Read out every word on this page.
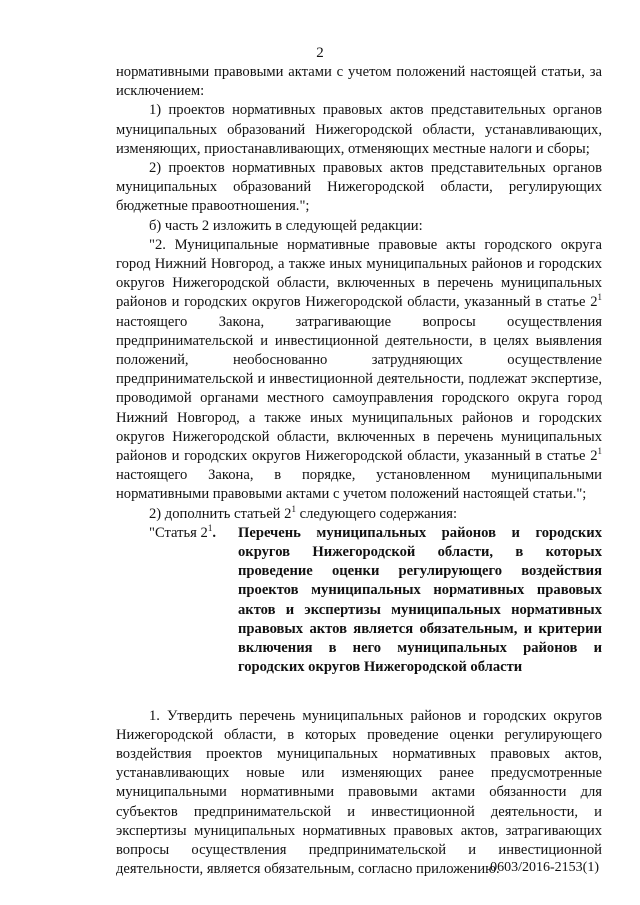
2

нормативными правовыми актами с учетом положений настоящей статьи, за исключением:

1) проектов нормативных правовых актов представительных органов муниципальных образований Нижегородской области, устанавливающих, изменяющих, приостанавливающих, отменяющих местные налоги и сборы;

2) проектов нормативных правовых актов представительных органов муниципальных образований Нижегородской области, регулирующих бюджетные правоотношения.";

б) часть 2 изложить в следующей редакции:

"2. Муниципальные нормативные правовые акты городского округа город Нижний Новгород, а также иных муниципальных районов и городских округов Нижегородской области, включенных в перечень муниципальных районов и городских округов Нижегородской области, указанный в статье $2^1$ настоящего Закона, затрагивающие вопросы осуществления предпринимательской и инвестиционной деятельности, в целях выявления положений, необоснованно затрудняющих осуществление предпринимательской и инвестиционной деятельности, подлежат экспертизе, проводимой органами местного самоуправления городского округа город Нижний Новгород, а также иных муниципальных районов и городских округов Нижегородской области, включенных в перечень муниципальных районов и городских округов Нижегородской области, указанный в статье $2^1$ настоящего Закона, в порядке, установленном муниципальными нормативными правовыми актами с учетом положений настоящей статьи.";

2) дополнить статьей $2^1$ следующего содержания:

"Статья $2^1$.	Перечень муниципальных районов и городских округов Нижегородской области, в которых проведение оценки регулирующего воздействия проектов муниципальных нормативных правовых актов и экспертизы муниципальных нормативных правовых актов является обязательным, и критерии включения в него муниципальных районов и городских округов Нижегородской области

1. Утвердить перечень муниципальных районов и городских округов Нижегородской области, в которых проведение оценки регулирующего воздействия проектов муниципальных нормативных правовых актов, устанавливающих новые или изменяющих ранее предусмотренные муниципальными нормативными правовыми актами обязанности для субъектов предпринимательской и инвестиционной деятельности, и экспертизы муниципальных нормативных правовых актов, затрагивающих вопросы осуществления предпринимательской и инвестиционной деятельности, является обязательным, согласно приложению.

0603/2016-2153(1)
